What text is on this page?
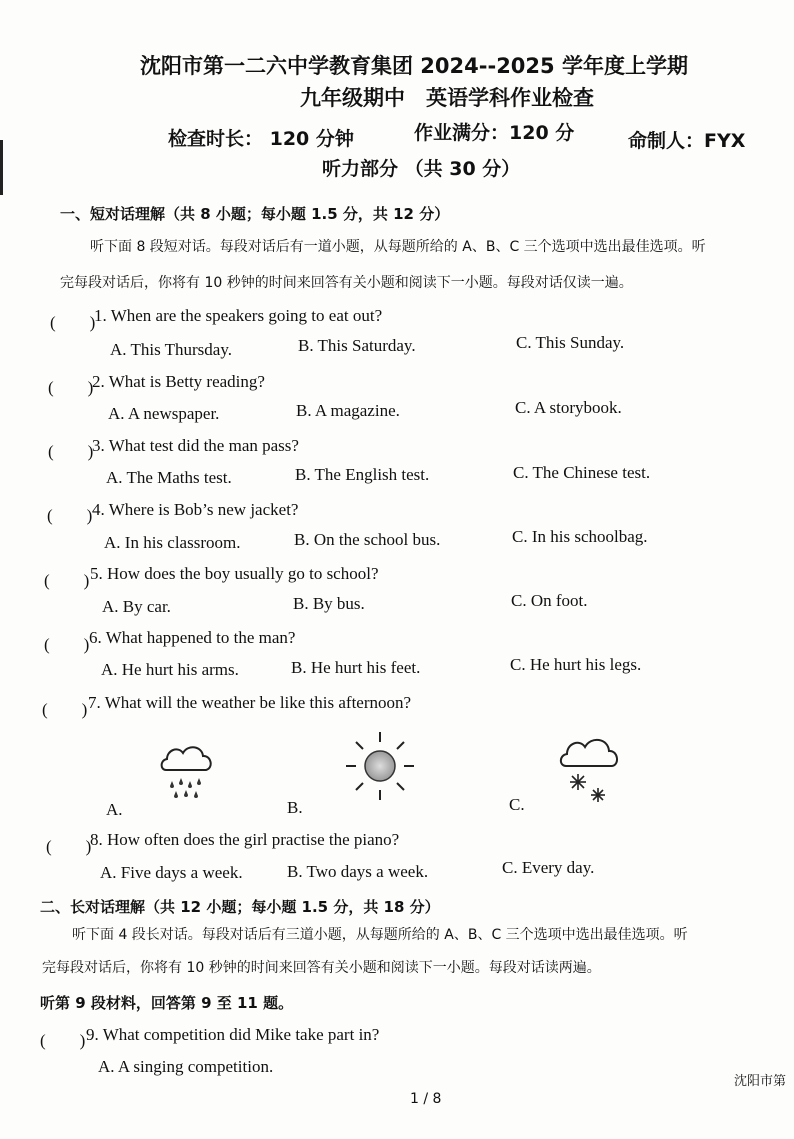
沈阳市第一二六中学教育集团 2024--2025 学年度上学期
九年级期中　英语学科作业检查
检查时长： 120 分钟	作业满分：120 分	命制人：FYX
听力部分 （共 30 分）
一、短对话理解（共 8 小题；每小题 1.5 分，共 12 分）
听下面 8 段短对话。每段对话后有一道小题，从每题所给的 A、B、C 三个选项中选出最佳选项。听
完每段对话后，你将有 10 秒钟的时间来回答有关小题和阅读下一小题。每段对话仅读一遍。
(　　)
1. When are the speakers going to eat out?
A. This Thursday.	B. This Saturday.	C. This Sunday.
(　　)
2. What is Betty reading?
A. A newspaper.	B. A magazine.	C. A storybook.
(　　)
3. What test did the man pass?
A. The Maths test.	B. The English test.	C. The Chinese test.
(　　) 4. Where is Bob’s new jacket?
A. In his classroom.	B. On the school bus.	C. In his schoolbag.
(　　) 5. How does the boy usually go to school?
A. By car.	B. By bus.	C. On foot.
(　　) 6. What happened to the man?
A. He hurt his arms.	B. He hurt his feet.	C. He hurt his legs.
(　　) 7. What will the weather be like this afternoon?
A.	B.	C.
(　　)
8. How often does the girl practise the piano?
A. Five days a week.	B. Two days a week.	C. Every day.
二、长对话理解（共 12 小题；每小题 1.5 分，共 18 分）
听下面 4 段长对话。每段对话后有三道小题，从每题所给的 A、B、C 三个选项中选出最佳选项。听
完每段对话后，你将有 10 秒钟的时间来回答有关小题和阅读下一小题。每段对话读两遍。
听第 9 段材料，回答第 9 至 11 题。
(　　) 9. What competition did Mike take part in?
A. A singing competition.
1 / 8
沈阳市第
